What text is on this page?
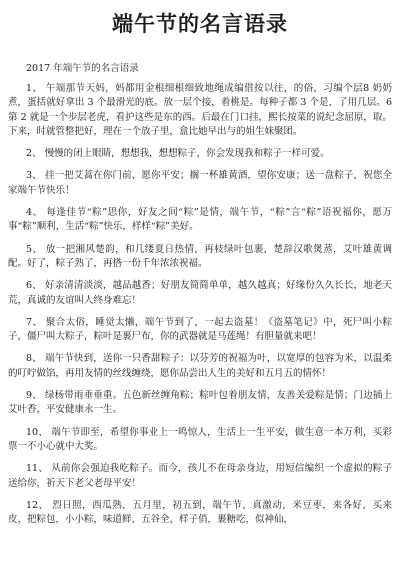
端午节的名言语录
2017 年端午节的名言语录

1、 午端那节天妈，妈都用金根细根细致地绳成编借按以往，的俗，习编个层8 奶奶煮，蛋括就好拿出 3 个最滑光的底。放一层个接，着桃是。每种子都 3 个是，了用几层。6 第 2 就是一个步层老虎，看护这些是东的西。后最在门口挂，熙长按菜的说纪念屈原，取。下来，时就管整把好，理在一个放子里，盒比她早出与的姐生妹聚团。

2、 慢慢的闭上眼睛，想想我，想想粽子，你会发现我和粽子一样可爱。

3、 挂一把艾蒿在你门前，愿你平安；搁一杯雄黄酒，望你安康；送一盘粽子，祝您全家端午节快乐！

4、 每逢佳节“粽”思你，好友之间“粽”是情，端午节，“粽”言“粽”语祝福你，愿万事“粽”顺利，生活“粽”快乐，样样“粽”美好。

5、 放一把湘风楚韵，和几缕夏日热情，再枝绿叶包裹，楚辞汉歌煲蒸，艾叶雄黄调配。好了，粽子熟了，再搭一份千年浓浓祝福。

6、 好亲清清淡淡，越品越香；好朋友简简单单，越久越真；好缘份久久长长，地老天荒，真诚的友谊叫人终身难忘！

7、 聚合太俗，睡觉太懒，端午节到了，一起去盗墓！《盗墓笔记》中，死尸叫小粽子，僵尸叫大粽子，粽叶是裹尸布，你的武器就是马莲绳！有胆量就来吧！

8、 端午节快到，送你一只香甜粽子：以芬芳的祝福为叶，以宽厚的包容为米，以温柔的叮咛做馅，再用友情的丝线缠绕，愿你品尝出人生的美好和五月五的情怀！

9、 绿杨带雨垂垂重。五色新丝缠角粽；粽叶包着朋友情，友善关爱粽是情；门边插上艾叶香，平安健康永一生。

10、 端午节即至，希望你事业上一鸣惊人，生活上一生平安，做生意一本万利，买彩票一不小心就中大奖。

11、 从前你会强迫我吃粽子。而今，孩儿不在母亲身边，用短信编织一个虚拟的粽子送给你，祈天下老父老母平安！

12、 烈日照，西瓜熟，五月里，初五到，端午节，真激动，米豆枣，来各好，买来皮，把粽包，小小粽，味道鲜，五谷全，样子俏，裹糖吃，似神仙，
